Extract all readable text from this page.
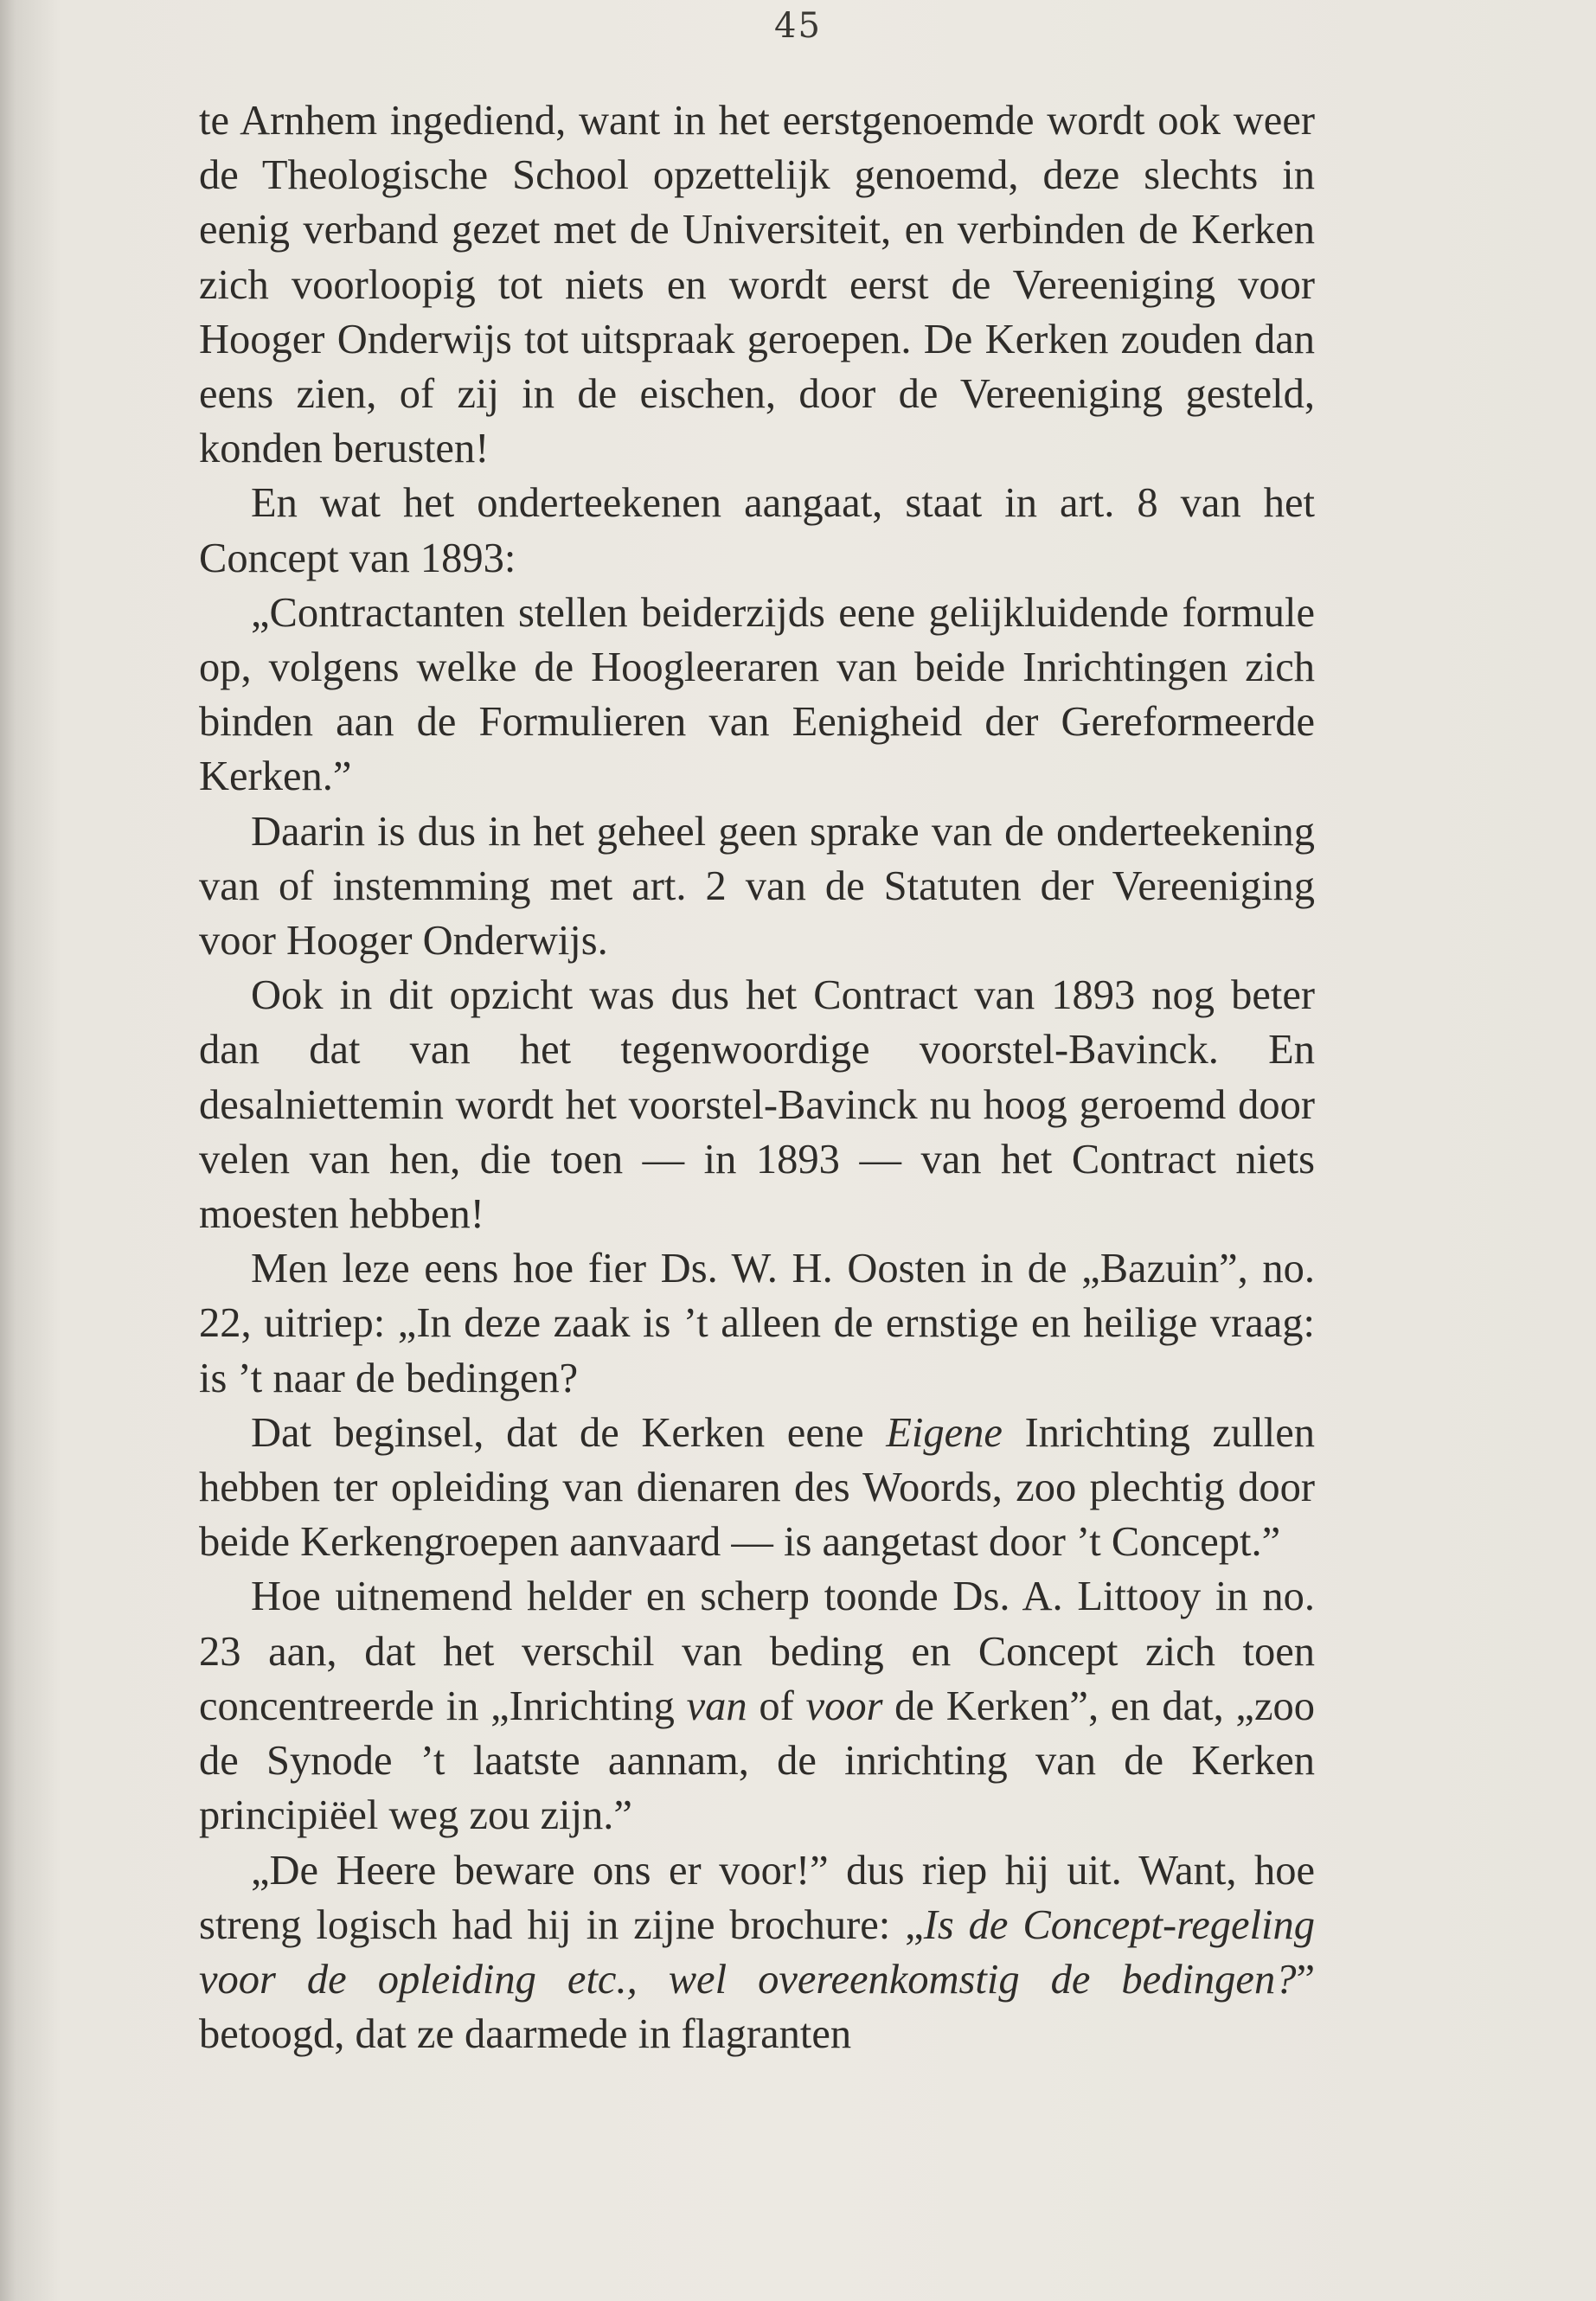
45

te Arnhem ingediend, want in het eerstgenoemde wordt ook weer de Theologische School opzettelijk genoemd, deze slechts in eenig verband gezet met de Universiteit, en verbinden de Kerken zich voorloopig tot niets en wordt eerst de Vereeniging voor Hooger Onderwijs tot uitspraak geroepen. De Kerken zouden dan eens zien, of zij in de eischen, door de Vereeniging gesteld, konden berusten!

En wat het onderteekenen aangaat, staat in art. 8 van het Concept van 1893:

„Contractanten stellen beiderzijds eene gelijkluidende formule op, volgens welke de Hoogleeraren van beide Inrichtingen zich binden aan de Formulieren van Eenigheid der Gereformeerde Kerken.”

Daarin is dus in het geheel geen sprake van de onderteekening van of instemming met art. 2 van de Statuten der Vereeniging voor Hooger Onderwijs.

Ook in dit opzicht was dus het Contract van 1893 nog beter dan dat van het tegenwoordige voorstel-Bavinck. En desalniettemin wordt het voorstel-Bavinck nu hoog geroemd door velen van hen, die toen — in 1893 — van het Contract niets moesten hebben!

Men leze eens hoe fier Ds. W. H. Oosten in de „Bazuin”, no. 22, uitriep: „In deze zaak is ’t alleen de ernstige en heilige vraag: is ’t naar de bedingen?

Dat beginsel, dat de Kerken eene Eigene Inrichting zullen hebben ter opleiding van dienaren des Woords, zoo plechtig door beide Kerkengroepen aanvaard — is aangetast door ’t Concept.”

Hoe uitnemend helder en scherp toonde Ds. A. Littooy in no. 23 aan, dat het verschil van beding en Concept zich toen concentreerde in „Inrichting van of voor de Kerken”, en dat, „zoo de Synode ’t laatste aannam, de inrichting van de Kerken principiëel weg zou zijn.”

„De Heere beware ons er voor!” dus riep hij uit. Want, hoe streng logisch had hij in zijne brochure: „Is de Concept-regeling voor de opleiding etc., wel overeenkomstig de bedingen?” betoogd, dat ze daarmede in flagranten
